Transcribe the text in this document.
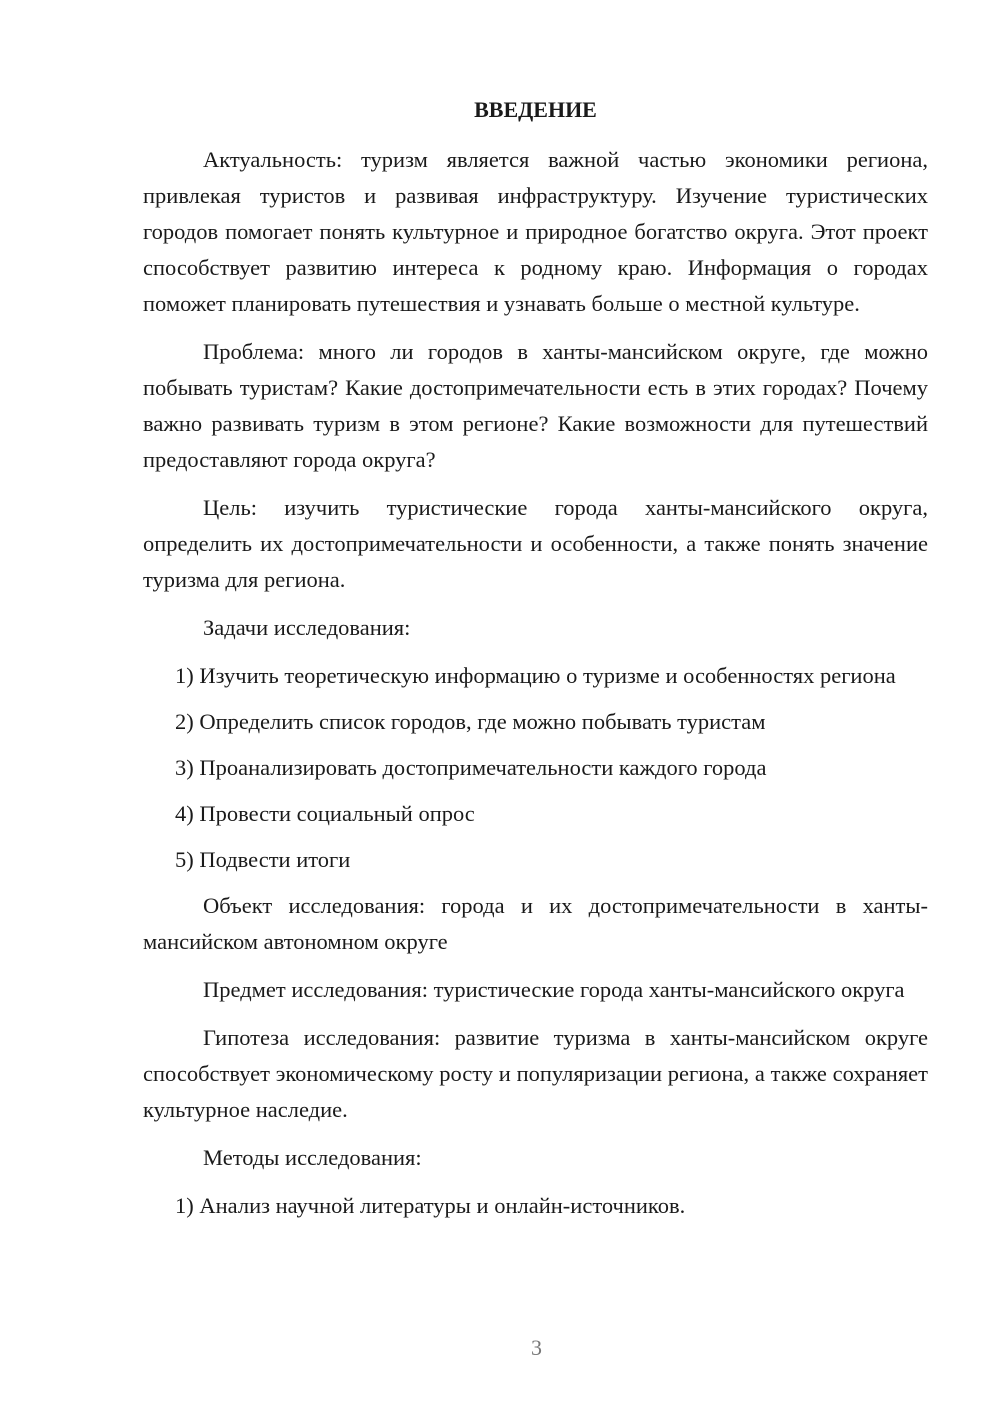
ВВЕДЕНИЕ

Актуальность: туризм является важной частью экономики региона, привлекая туристов и развивая инфраструктуру. Изучение туристических городов помогает понять культурное и природное богатство округа. Этот проект способствует развитию интереса к родному краю. Информация о городах поможет планировать путешествия и узнавать больше о местной культуре.

Проблема: много ли городов в ханты-мансийском округе, где можно побывать туристам? Какие достопримечательности есть в этих городах? Почему важно развивать туризм в этом регионе? Какие возможности для путешествий предоставляют города округа?

Цель: изучить туристические города ханты-мансийского округа, определить их достопримечательности и особенности, а также понять значение туризма для региона.

Задачи исследования:

1) Изучить теоретическую информацию о туризме и особенностях региона

2) Определить список городов, где можно побывать туристам

3) Проанализировать достопримечательности каждого города

4) Провести социальный опрос

5) Подвести итоги

Объект исследования: города и их достопримечательности в ханты-мансийском автономном округе

Предмет исследования: туристические города ханты-мансийского округа

Гипотеза исследования: развитие туризма в ханты-мансийском округе способствует экономическому росту и популяризации региона, а также сохраняет культурное наследие.

Методы исследования:

1) Анализ научной литературы и онлайн-источников.

3
